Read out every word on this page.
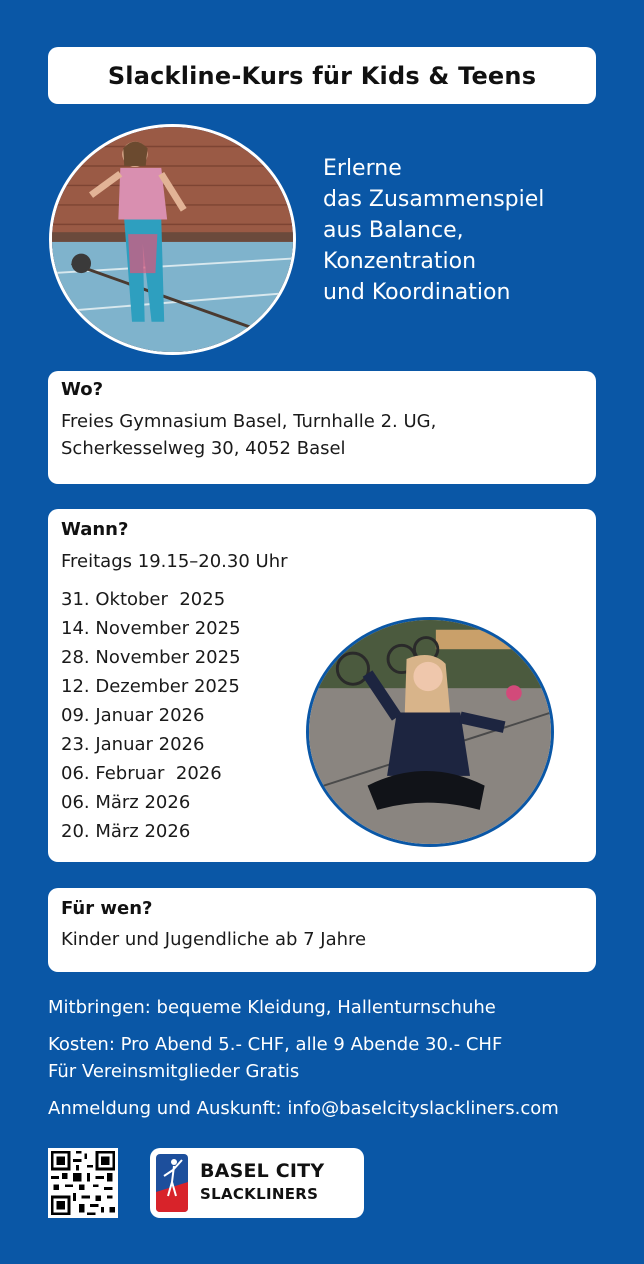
Slackline-Kurs für Kids & Teens
Erlerne
das Zusammenspiel
aus Balance,
Konzentration
und Koordination
Wo?

Freies Gymnasium Basel, Turnhalle 2. UG,
Scherkesselweg 30, 4052 Basel

Wann?
Freitags 19.15–20.30 Uhr
31. Oktober  2025
14. November 2025
28. November 2025
12. Dezember 2025
09. Januar 2026
23. Januar 2026
06. Februar  2026
06. März 2026
20. März 2026
Für wen?

Kinder und Jugendliche ab 7 Jahre

Mitbringen: bequeme Kleidung, Hallenturnschuhe
Kosten: Pro Abend 5.- CHF, alle 9 Abende 30.- CHF
Für Vereinsmitglieder Gratis
Anmeldung und Auskunft: info@baselcityslackliners.com
BASEL CITY
SLACKLINERS
